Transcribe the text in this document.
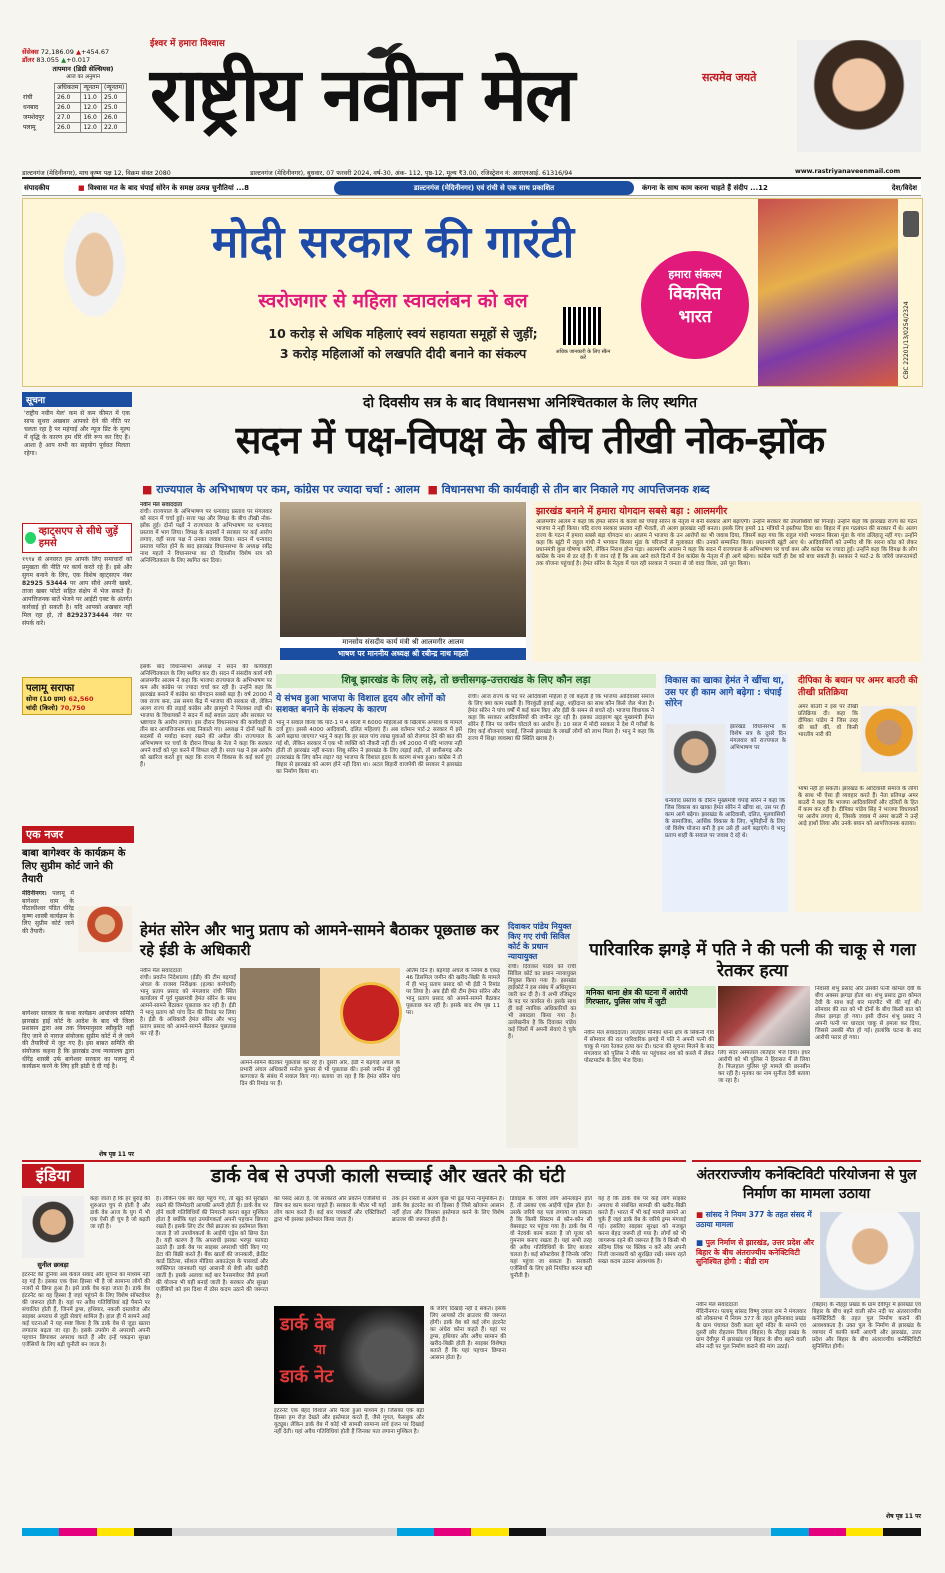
सेंसेक्स 72,186.09 ▲+454.67
डॉलर 83.055 ▲+0.017
तापमान (डिग्री सेल्सियस)
आज का अनुमान
	अधिकतम	न्यूनतम	(न्यूनतम)
रांची	26.0	11.0	25.0
धनबाद	26.0	12.0	25.0
जमशेदपुर	27.0	16.0	26.0
पलामू	26.0	12.0	22.0
ईश्वर में हमारा विश्वास
राष्ट्रीय नवीन मेल	सत्यमेव जयते
डाल्टनगंज (मेदिनीनगर), माघ कृष्ण पक्ष 12, विक्रम संवत 2080	डाल्टनगंज (मेदिनीनगर), बुधवार, 07 फरवरी 2024, वर्ष-30, अंक- 112, पृष्ठ-12, मूल्य ₹3.00, रजिस्ट्रेशन नं: आरएनआई. 61316/94	www.rastriyanaveenmail.com
संपादकीय	■ विश्वास मत के बाद चंपाई सोरेन के समक्ष उत्पन्न चुनौतियां ...8	डाल्टनगंज (मेदिनीनगर) एवं रांची से एक साथ प्रकाशित	कंगना के साथ काम करना चाहते हैं संदीप ...12	देश/विदेश
मोदी सरकार की गारंटी
स्वरोजगार से महिला स्वावलंबन को बल
10 करोड़ से अधिक महिलाएं स्वयं सहायता समूहों से जुड़ीं;
3 करोड़ महिलाओं को लखपति दीदी बनाने का संकल्प	अधिक जानकारी के लिए स्कैन करें
हमारा संकल्प
विकसित
भारत	CBC 22201/13/0254/2324
सूचना
'राष्ट्रीय नवीन मेल' कम से कम कीमत में एक साफ सुथरा अखबार आपको देने की नीति पर चलता रहा है पर महंगाई और न्यूज प्रिंट के मूल्य में वृद्धि के कारण हम धीरे धीरे रूप कर दिए हैं। आशा है आप सभी का सहयोग पूर्ववत मिलता रहेगा।
व्हाट्सएप से सीधे जुड़ें हमसे
१९९४ से अनवरत हम आपके लिए समाचारों को प्रमुखता की नीति पर कार्य करते रहे हैं। इसे और सुगम बनाने के लिए, एक विशेष व्हाट्सएप नंबर 82925 53444 पर आप सीधे अपनी खबरें, ताजा खबर फोटो सहित संक्षेप में भेज सकते हैं। आपत्तिजनक बातें भेजने पर आईटी एक्ट के अंतर्गत कार्रवाई हो सकती है। यदि आपको अखबार नहीं मिल रहा हो, तो 8292373444 नंबर पर संपर्क करें।
पलामू सराफा
सोना (10 ग्राम) 62,560
चांदी (किलो) 70,750
एक नजर
बाबा बागेश्वर के कार्यक्रम के लिए सुप्रीम कोर्ट जाने की तैयारी
मेदिनीनगर। पलामू में बागेश्वर धाम के पीठाधीश्वर पंडित धीरेंद्र कृष्ण शास्त्री कार्यक्रम के लिए सुप्रीम कोर्ट जाने की तैयारी।
बागेश्वर सरकार के कथा कार्यक्रम आयोजन समिति झारखंड हाई कोर्ट के आदेश के बाद भी जिला प्रशासन द्वारा अब तक नियमानुसार स्वीकृति नहीं दिए जाने से नाराज संयोजक सुप्रीम कोर्ट में ले जाने की तैयारियों में जुट गए हैं। इस बाबत समिति की संयोजक कहना है कि झारखंड उच्च न्यायालय द्वारा धीरेंद्र शास्त्री उर्फ बागेश्वर सरकार का पलामू में कार्यक्रम करने के लिए हरि झंडी दे दी गई है।
शेष पृष्ठ 11 पर
दो दिवसीय सत्र के बाद विधानसभा अनिश्चितकाल के लिए स्थगित
सदन में पक्ष-विपक्ष के बीच तीखी नोक-झोंक
■ राज्यपाल के अभिभाषण पर कम, कांग्रेस पर ज्यादा चर्चा : आलम ■ विधानसभा की कार्यवाही से तीन बार निकाले गए आपत्तिजनक शब्द
नवीन मेल संवाददाता
रांची। राज्यपाल के अभिभाषण पर धन्यवाद प्रस्ताव पर मंगलवार को सदन में चर्चा हुई। सत्ता पक्ष और विपक्ष के बीच तीखी नोक-झोंक हुई। दोनों पक्षों ने राज्यपाल के अभिभाषण पर धन्यवाद प्रस्ताव में भाग लिया। विपक्ष के सदस्यों ने सरकार पर कई आरोप लगाए, वहीं सत्ता पक्ष ने उनका जवाब दिया। सदन में धन्यवाद प्रस्ताव पारित होने के बाद झारखंड विधानसभा के अध्यक्ष रबींद्र नाथ महतो ने विधानसभा का दो दिवसीय विशेष सत्र को अनिश्चितकाल के लिए स्थगित कर दिया।
मानसोय संसदीय कार्य मंत्री श्री आलमगीर आलम
भाषण पर माननीय अध्यक्ष श्री रबीन्द्र नाथ महतो
इसके बाद विधानसभा अध्यक्ष ने सदन की कार्यवाही अनिश्चितकाल के लिए स्थगित कर दी। सदन में संसदीय कार्य मंत्री आलमगीर आलम ने कहा कि भाजपा राज्यपाल के अभिभाषण पर कम और कांग्रेस पर ज्यादा चर्चा कर रही है। उन्होंने कहा कि झारखंड बनाने में कांग्रेस का योगदान सबसे बड़ा है। वर्ष 2000 में जब राज्य बना, उस समय केंद्र में भाजपा की सरकार थी, लेकिन अलग राज्य की लड़ाई कांग्रेस और झामुमो ने मिलकर लड़ी थी। भाजपा के विधायकों ने सदन में कई सवाल उठाए और सरकार पर भ्रष्टाचार के आरोप लगाए। इस दौरान विधानसभा की कार्यवाही से तीन बार आपत्तिजनक शब्द निकाले गए। अध्यक्ष ने दोनों पक्षों के सदस्यों से मर्यादा बनाए रखने की अपील की। राज्यपाल के अभिभाषण पर चर्चा के दौरान विपक्ष के नेता ने कहा कि सरकार अपने वादों को पूरा करने में विफल रही है। सत्ता पक्ष ने इस आरोप को खारिज करते हुए कहा कि राज्य में विकास के कई कार्य हुए हैं।
झारखंड बनाने में हमारा योगदान सबसे बड़ा : आलमगीर
आलमगीर आलम ने कहा कि हेमंत सोरेन के कार्यों को चंपाई सोरेन के नेतृत्व में बनी सरकार आगे बढ़ाएगी। उन्होंने सरकार की उपलब्धियों को गिनाई। उन्होंने कहा कि झारखंड राज्य का गठन भाजपा ने नहीं किया। यदि राज्य सरकार प्रस्ताव नहीं भेजती, तो अलग झारखंड नहीं बनता। इसके लिए हमारे 11 मंत्रियों ने इस्तीफा दिया था। बिहार में हम गठबंधन की सरकार में थे। अलग राज्य के गठन में हमारा सबसे बड़ा योगदान था। आलम ने भाजपा के उन आरोपों का भी जवाब दिया, जिसमें कहा गया कि राहुल गांधी भगवान बिरसा मुंडा के गांव उलिहातू नहीं गए। उन्होंने कहा कि खूंटी में राहुल गांधी ने भगवान बिरसा मुंडा के परिजनों से मुलाकात की। उनको सम्मानित किया। प्रधानमंत्री खूंटी आए थे। आदिवासियों को उम्मीद थी कि सरना कोड को लेकर प्रधानमंत्री कुछ घोषणा करेंगे, लेकिन निराश होना पड़ा। आलमगीर आलम ने कहा कि सदन में राज्यपाल के अभिभाषण पर चर्चा कम और कांग्रेस पर ज्यादा हुई। उन्होंने कहा कि विपक्ष के लोग कांग्रेस के नाम से डर रहे हैं। ये जान रहे हैं कि अब आने वाले दिनों में देश कांग्रेस के नेतृत्व में ही आगे बढ़ेगा। कांग्रेस पार्टी ही देश को बचा सकती है। सरकार ने फार्ट-2 के जरिये जरूरतमंदों तक योजना पहुंचाई है। हेमंत सोरेन के नेतृत्व में चल रही सरकार ने जनता से जो वादा किया, उसे पूरा किया।
शिबू झारखंड के लिए लड़े, तो छत्तीसगढ़-उत्तराखंड के लिए कौन लड़ा
ये संभव हुआ भाजपा के विशाल हृदय और लोगों को सशक्त बनाने के संकल्प के कारण
भानु ने सवाल किया कि पार्ट-1 में 4 सालों में 6000 महिलाओं के खिलाफ अपराध के मामले दर्ज हुए। इससे 4000 आदिवासी, दलित महिलाएं हैं। अब वर्तमान पार्ट-2 सरकार में इसे आगे बढ़ाया जाएगा? भानु ने कहा कि हर साल पांच लाख युवाओं को रोजगार देने की बात की गई थी, लेकिन सरकार ने एक भी व्यक्ति को नौकरी नहीं दी। वर्ष 2000 में यदि भाजपा नहीं होती तो झारखंड नहीं बनता। शिबू सोरेन ने झारखंड के लिए लड़ाई लड़ी, तो छत्तीसगढ़ और उत्तराखंड के लिए कौन लड़ा? यह भाजपा के विशाल हृदय के कारण संभव हुआ। कांग्रेस ने तो बिहार से झारखंड को अलग होने नहीं दिया था। अटल बिहारी वाजपेयी की सरकार ने झारखंड का निर्माण किया था।
रांची। आज राज्य के पद पर आदिवासी महिला हैं जो कहती हैं कि भाजपा आदिवासी समाज के लिए क्या काम रखती है। चिरकुंडी हवाई अड्डा, शहीदाना का साथ कौन किसे जेल भेजा है। हेमंत सोरेन ने पांच वर्षों में कई काम किए और ईडी के समन से बचते रहे। भाजपा विधायक ने कहा कि सरकार आदिवासियों की जमीन लूट रही है। इसका उदाहरण खुद मुख्यमंत्री हेमंत सोरेन हैं जिन पर जमीन घोटाले का आरोप है। 10 साल में मोदी सरकार ने देश में गरीबों के लिए कई योजनाएं चलाईं, जिनसे झारखंड के लाखों लोगों को लाभ मिला है। भानु ने कहा कि राज्य में शिक्षा व्यवस्था की स्थिति खराब है।
विकास का खाका हेमंत ने खींचा था, उस पर ही काम आगे बढ़ेगा : चंपाई सोरेन
झारखंड विधानसभा के विशेष सत्र के दूसरे दिन मंगलवार को राज्यपाल के अभिभाषण पर
धन्यवाद प्रस्ताव के दौरान मुख्यमंत्री चंपाई सोरेन ने कहा कि जिस विकास का खाका हेमंत सोरेन ने खींचा था, उस पर ही काम आगे बढ़ेगा। झारखंड के आदिवासी, दलित, मूलवासियों के सामाजिक, आर्थिक विकास के लिए, भूमिहीनों के लिए जो विशेष योजना बनी है हम उसे ही आगे बढ़ाएंगे। ये भानु प्रताप शाही के सवाल पर जवाब दे रहे थे।
दीपिका के बयान पर अमर बाउरी की तीखी प्रतिक्रिया
अमर बाउरी ने इस पर तीखी प्रतिक्रिया दी। कहा कि दीपिका पांडेय ने जिस तरह की बातें कीं, वो किसी भारतीय नारी की
भाषा नहीं हो सकती। झारखंड के आदिवासी समाज के लोगों के साथ भी ऐसा ही व्यवहार करते हैं। नेता प्रतिपक्ष अमर बाउरी ने कहा कि भाजपा आदिवासियों और दलितों के हित में काम कर रही है। दीपिका पांडेय सिंह ने भाजपा विधायकों पर आरोप लगाए थे, जिसके जवाब में अमर बाउरी ने उन्हें आड़े हाथों लिया और उनके बयान को आपत्तिजनक बताया।
हेमंत सोरेन और भानु प्रताप को आमने-सामने बैठाकर पूछताछ कर रहे ईडी के अधिकारी
नवीन मेल संवाददाता
रांची। प्रवर्तन निदेशालय (ईडी) की टीम बड़गाईं अंचल के राजस्व निरीक्षक (हल्का कर्मचारी) भानु प्रताप प्रसाद को मंगलवार रांची स्थित कार्यालय में पूर्व मुख्यमंत्री हेमंत सोरेन के साथ आमने-सामने बैठाकर पूछताछ कर रही है। ईडी ने भानु प्रताप को पांच दिन की रिमांड पर लिया है। ईडी के अधिकारी हेमंत सोरेन और भानु प्रताप प्रसाद को आमने-सामने बैठाकर पूछताछ कर रहे हैं।
आमने-सामने बैठाकर पूछताछ कर रहे हैं। दूसरी ओर, ईडी ने बड़गाईं अंचल के प्रभारी अंचल अधिकारी मनोज कुमार से भी पूछताछ की। इनसे जमीन से जुड़े कागजात के संबंध में सवाल किए गए। बताया जा रहा है कि हेमंत सोरेन पांच दिन की रिमांड पर हैं।
अंतिम दिन है। बड़गाईं अंचल के नियम 8 एकड़ 46 डिसमिल जमीन की खरीद-बिक्री के मामले में ही भानु प्रताप प्रसाद को भी ईडी ने रिमांड पर लिया है। अब ईडी की टीम हेमंत सोरेन और भानु प्रताप प्रसाद को आमने-सामने बैठाकर पूछताछ कर रही है। इसके बाद शेष पृष्ठ 11 पर।
दिवाकर पांडेय नियुक्त किए गए रांची सिविल कोर्ट के प्रधान न्यायायुक्त
रांची। दिवाकर पांडेय को रांची सिविल कोर्ट का प्रधान न्यायायुक्त नियुक्त किया गया है। झारखंड हाईकोर्ट ने इस संबंध में अधिसूचना जारी कर दी है। वे अभी रजिस्ट्रार के पद पर कार्यरत थे। इसके साथ ही कई न्यायिक अधिकारियों का भी तबादला किया गया है। उल्लेखनीय है कि दिवाकर पांडेय कई जिलों में अपनी सेवाएं दे चुके हैं।
पारिवारिक झगड़े में पति ने की पत्नी की चाकू से गला रेतकर हत्या
मनिका थाना क्षेत्र की घटना में आरोपी गिरफ्तार, पुलिस जांच में जुटी
नवीन मेल संवाददाता। लातेहार मनिका थाना क्षेत्र के सिकनी गांव में सोमवार की रात पारिवारिक झगड़े में पति ने अपनी पत्नी की चाकू से गला रेतकर हत्या कर दी। घटना की सूचना मिलने के बाद मंगलवार को पुलिस ने मौके पर पहुंचकर शव को कब्जे में लेकर पोस्टमार्टम के लिए भेज दिया।
लिए सदर अस्पताल लातेहार भेज दिया। इधर आरोपी को भी पुलिस ने हिरासत में ले लिया है। फिलहाल पुलिस पूरे मामले की छानबीन कर रही है। मृतका का नाम सुनीता देवी बताया जा रहा है।
निवासी शंभु प्रसाद और उसकी पत्नी कोमल देवी के बीच अक्सर झगड़ा होता था। शंभु प्रसाद द्वारा कोमल देवी के साथ कई बार मारपीट भी की गई थी। सोमवार की रात को भी दोनों के बीच किसी बात को लेकर झगड़ा हो गया। इसी दौरान शंभु प्रसाद ने अपनी पत्नी पर धारदार चाकू से हमला कर दिया, जिससे उसकी मौत हो गई। हालांकि घटना के बाद आरोपी फरार हो गया।
इंडिया	डार्क वेब से उपजी काली सच्चाई और खतरे की घंटी
सुनील छावड़ा
इंटरनेट की दुनिया अब केवल संवाद और सूचना का माध्यम नहीं रह गई है। इसका एक ऐसा हिस्सा भी है जो सामान्य लोगों की नजरों से छिपा हुआ है। इसे डार्क वेब कहा जाता है। डार्क वेब इंटरनेट का वह हिस्सा है जहां पहुंचने के लिए विशेष सॉफ्टवेयर की जरूरत होती है। यहां पर अवैध गतिविधियां बड़े पैमाने पर संचालित होती हैं, जिनमें ड्रग्स, हथियार, नकली दस्तावेज और साइबर अपराध से जुड़ी सेवाएं शामिल हैं। हाल ही में सामने आई कई घटनाओं ने यह स्पष्ट किया है कि डार्क वेब से जुड़ा खतरा लगातार बढ़ता जा रहा है। इसके उपयोग से अपराधी अपनी पहचान छिपाकर अपराध करते हैं और इन्हें पकड़ना सुरक्षा एजेंसियों के लिए बड़ी चुनौती बन जाता है।
कहा जाता है कि हर बुराई की शुरुआत चुप से होती है और डार्क वेब आज के युग में भी एक ऐसी ही चुप है जो बढ़ती जा रही है।
है। लेकिन एक बार वहां पहुंच गए, तो खुद को सुरक्षित रखने की जिम्मेदारी आपकी अपनी होती है। डार्क वेब पर होने वाली गतिविधियों की निगरानी करना बहुत मुश्किल होता है क्योंकि यहां उपयोगकर्ता अपनी पहचान छिपाए रखते हैं। इसके लिए टोर जैसे ब्राउजर का इस्तेमाल किया जाता है जो उपयोगकर्ता के आईपी एड्रेस को छिपा देता है। यही कारण है कि अपराधी इसका भरपूर फायदा उठाते हैं। डार्क वेब पर साइबर अपराधी चोरी किए गए डेटा की बिक्री करते हैं। बैंक खातों की जानकारी, क्रेडिट कार्ड डिटेल्स, सोशल मीडिया अकाउंट्स के पासवर्ड और व्यक्तिगत जानकारी यहां आसानी से बेची और खरीदी जाती है। इसके अलावा कई बार रैनसमवेयर जैसे हमलों की योजना भी यहीं बनाई जाती है। सरकार और सुरक्षा एजेंसियों को इस दिशा में ठोस कदम उठाने की जरूरत है।
को पसंद आता है, जो सरकारों और प्रवर्तन एजेंसियों से छिप कर काम करना चाहते हैं। सरकार के भीतर भी यहाँ लोग काम करते हैं। कई बार पत्रकारों और एक्टिविस्टों द्वारा भी इसका इस्तेमाल किया जाता है।
डार्क वेब
या
डार्क नेट
इंटरनेट एक बेहद विशाल और फैला हुआ माध्यम है। जिसका एक बड़ा हिस्सा हम रोज़ देखते और इस्तेमाल करते हैं, जैसे गूगल, फेसबुक और यूट्यूब। लेकिन डार्क वेब में कोई भी सामग्री सामान्य सर्च इंजन पर दिखाई नहीं देती। यहां अवैध गतिविधियां होती हैं जिनका पता लगाना मुश्किल है।
तक इन रास्तों से अलग कुछ भी ढूंढ पाना नामुमकिन है। डार्क वेब इंटरनेट का वो हिस्सा है जिसे खोजना आसान नहीं होता और जिसका इस्तेमाल करने के लिए विशेष ब्राउजर की जरूरत होती है।
के जरिए दिखाई नहीं दे सकते। इसके लिए आपको टोर ब्राउजर की जरूरत होगी। डार्क वेब को कई लोग इंटरनेट का अंधेरा कोना कहते हैं। यहां पर ड्रग्स, हथियार और अवैध सामान की खरीद-बिक्री होती है। साइबर विशेषज्ञ बताते हैं कि यहां पहचान छिपाना आसान होता है।
डिवाइस के जरिये लोग ऑनलाइन होते हैं, तो उसका एक आईपी एड्रेस होता है। उसके जरिये यह पता लगाया जा सकता है कि किसी सिस्टम से कौन-कौन सी वेबसाइट पर पहुंचा गया है। डार्क वेब में वो नेटवर्क काम करता है जो यूजर को गुमनाम बनाए रखता है। यहां सभी तरह की अवैध गतिविधियों के लिए बाजार चलता है। कई सॉफ्टवेयर हैं जिनके जरिए यहां पहुंचा जा सकता है। सरकारी एजेंसियों के लिए इसे नियंत्रित करना बड़ी चुनौती है।
यह है कि डार्क वेब पर कई लोग साइबर अपराध से संबंधित सामग्री की खरीद-बिक्री करते हैं। भारत में भी कई मामले सामने आ चुके हैं जहां डार्क वेब के जरिये ड्रग्स मंगवाई गई। इसलिए साइबर सुरक्षा को मजबूत करना बेहद जरूरी हो गया है। लोगों को भी जागरूक रहने की जरूरत है कि वे किसी भी संदिग्ध लिंक पर क्लिक न करें और अपनी निजी जानकारी को सुरक्षित रखें। समय रहते सख्त कदम उठाना आवश्यक है।
अंतरराज्जीय कनेक्टिविटी परियोजना से पुल निर्माण का मामला उठाया
■ सांसद ने नियम 377 के तहत संसद में उठाया मामला
■ पुल निर्माण से झारखंड, उत्तर प्रदेश और बिहार के बीच अंतराज्यीय कनेक्टिविटी सुनिश्चित होगी : बीडी राम
नवीन मेल संवाददाता
मेदिनीनगर। पलामू सांसद विष्णु दयाल राम ने मंगलवार को लोकसभा में नियम 377 के तहत हुसैनाबाद प्रखंड के ग्राम पंचायत देवरी कला सूर्य मंदिर के सामने एवं दूसरी छोर रोहतास जिला (बिहार) के नौहट्टा प्रखंड के ग्राम देवीपुर में झारखंड एवं बिहार के बीच बहने वाली सोन नदी पर पुल निर्माण कराने की मांग उठाई।
(बिहार) के नौहट्टा प्रखंड के ग्राम देवीपुर में झारखंड एवं बिहार के बीच बहने वाली सोन नदी पर अंतरराज्यीय कनेक्टिविटी के तहत पुल निर्माण कराने की आवश्यकता है। उक्त पुल के निर्माण से झारखंड के व्यापार में काफी कमी आएगी और झारखंड, उत्तर प्रदेश और बिहार के बीच अंतराज्यीय कनेक्टिविटी सुनिश्चित होगी।
शेष पृष्ठ 11 पर
